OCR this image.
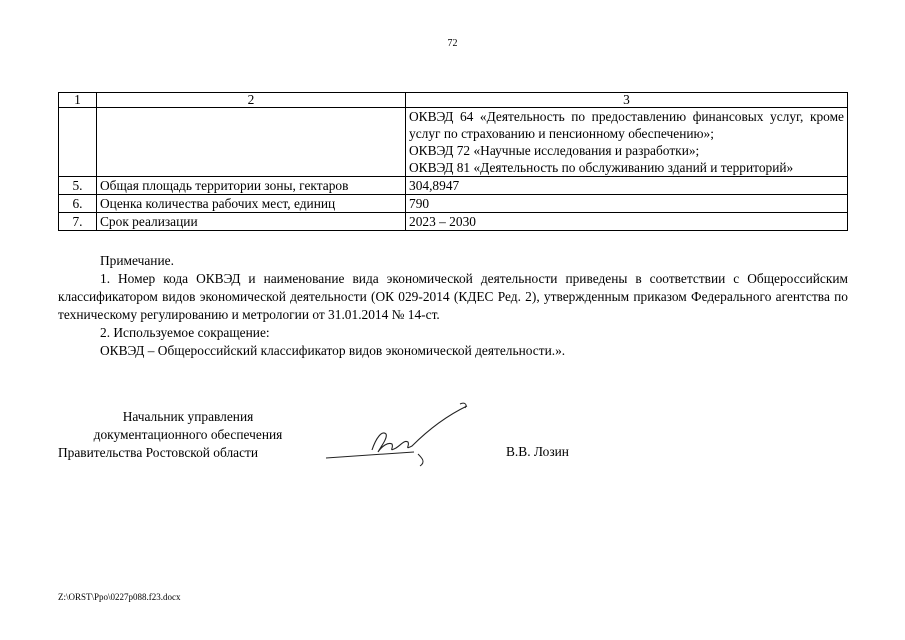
72
1	2	3

		ОКВЭД 64 «Деятельность по предоставлению финансовых услуг, кроме услуг по страхованию и пенсионному обеспечению»;
ОКВЭД 72 «Научные исследования и разработки»;
ОКВЭД 81 «Деятельность по обслуживанию зданий и территорий»

5.	Общая площадь территории зоны, гектаров	304,8947
6.	Оценка количества рабочих мест, единиц	790
7.	Срок реализации	2023 – 2030

Примечание.

1. Номер кода ОКВЭД и наименование вида экономической деятельности приведены в соответствии с Общероссийским классификатором видов экономической деятельности (ОК 029-2014 (КДЕС Ред. 2), утвержденным приказом Федерального агентства по техническому регулированию и метрологии от 31.01.2014 № 14-ст.

2. Используемое сокращение:

ОКВЭД – Общероссийский классификатор видов экономической деятельности.».

Начальник управления
документационного обеспечения
Правительства Ростовской области	В.В. Лозин
Z:\ORST\Ppo\0227p088.f23.docx
